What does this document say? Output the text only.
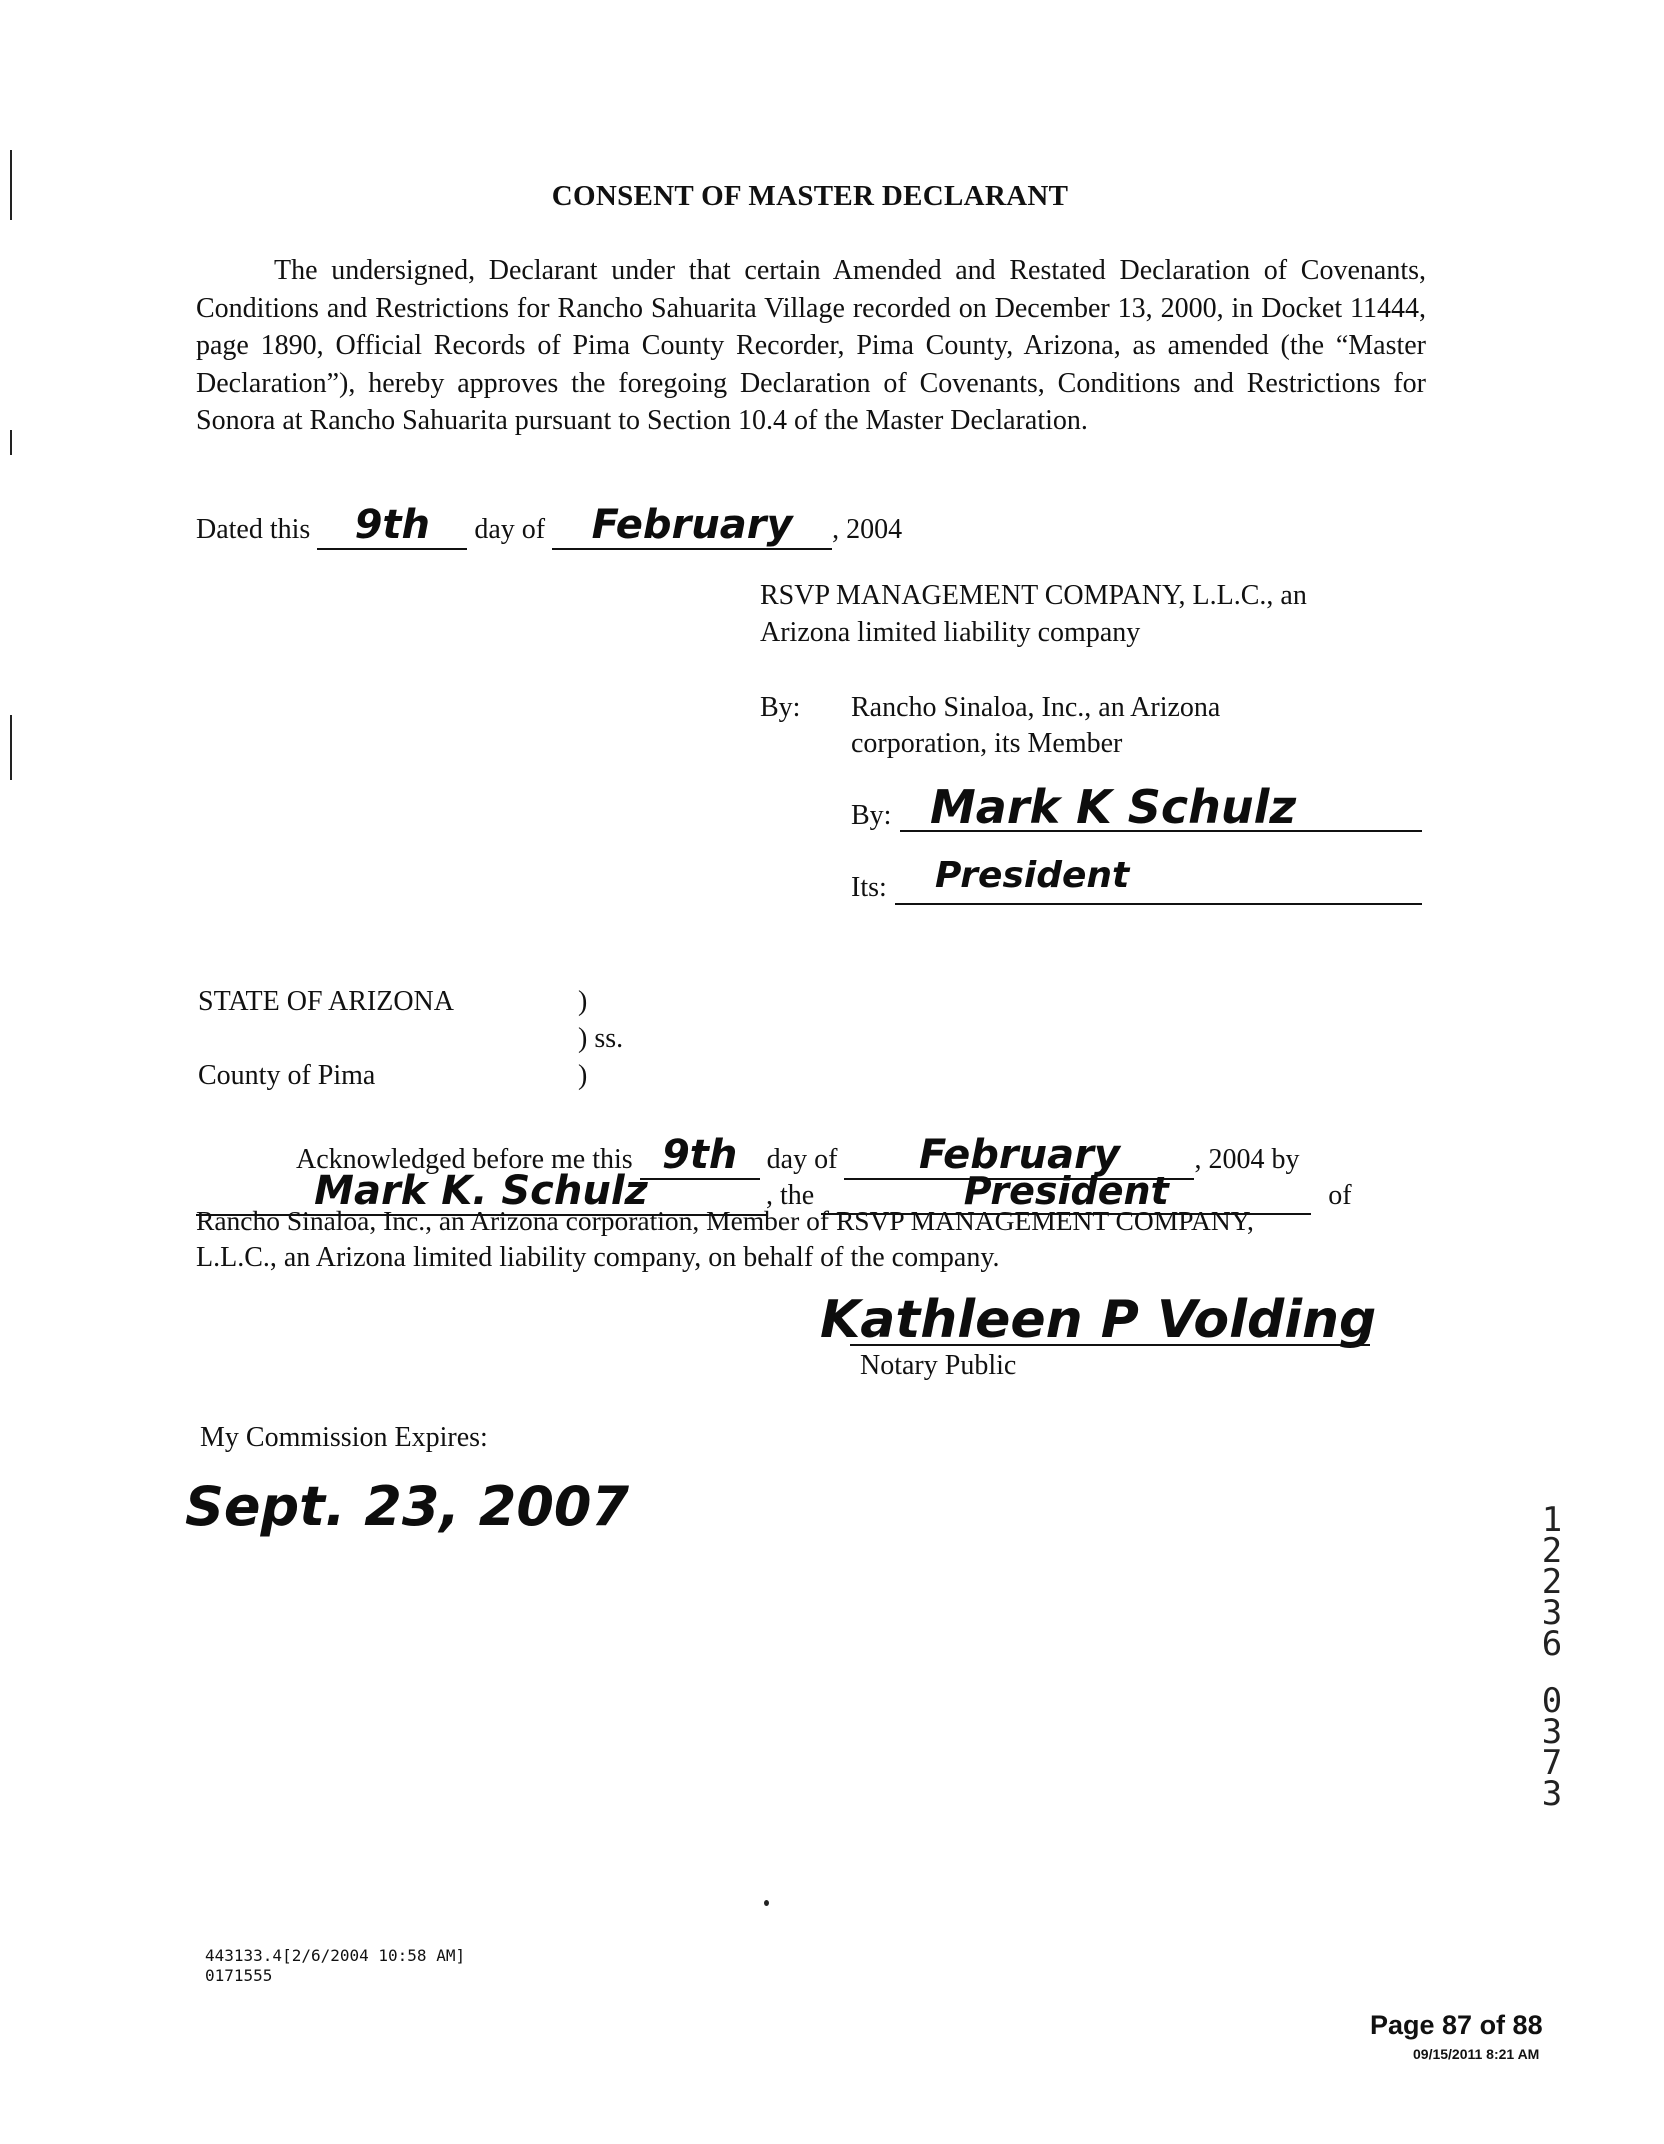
CONSENT OF MASTER DECLARANT
The undersigned, Declarant under that certain Amended and Restated Declaration of Covenants, Conditions and Restrictions for Rancho Sahuarita Village recorded on December 13, 2000, in Docket 11444, page 1890, Official Records of Pima County Recorder, Pima County, Arizona, as amended (the “Master Declaration”), hereby approves the foregoing Declaration of Covenants, Conditions and Restrictions for Sonora at Rancho Sahuarita pursuant to Section 10.4 of the Master Declaration.
Dated this 9th day of February , 2004
RSVP MANAGEMENT COMPANY, L.L.C., an
Arizona limited liability company
By: Rancho Sinaloa, Inc., an Arizona
corporation, its Member
By: Mark K Schulz
Its: President
STATE OF ARIZONA	)
) ss.
County of Pima	)
Acknowledged before me this 9th day of February	, 2004 by
Mark K. Schulz	, the	President	of
Rancho Sinaloa, Inc., an Arizona corporation, Member of RSVP MANAGEMENT COMPANY,
L.L.C., an Arizona limited liability company, on behalf of the company.
Kathleen P Volding
Notary Public
My Commission Expires:
Sept. 23, 2007	1
2
2
3
6
0
3
7
3
443133.4[2/6/2004 10:58 AM]
0171555
Page 87 of 88
09/15/2011 8:21 AM
